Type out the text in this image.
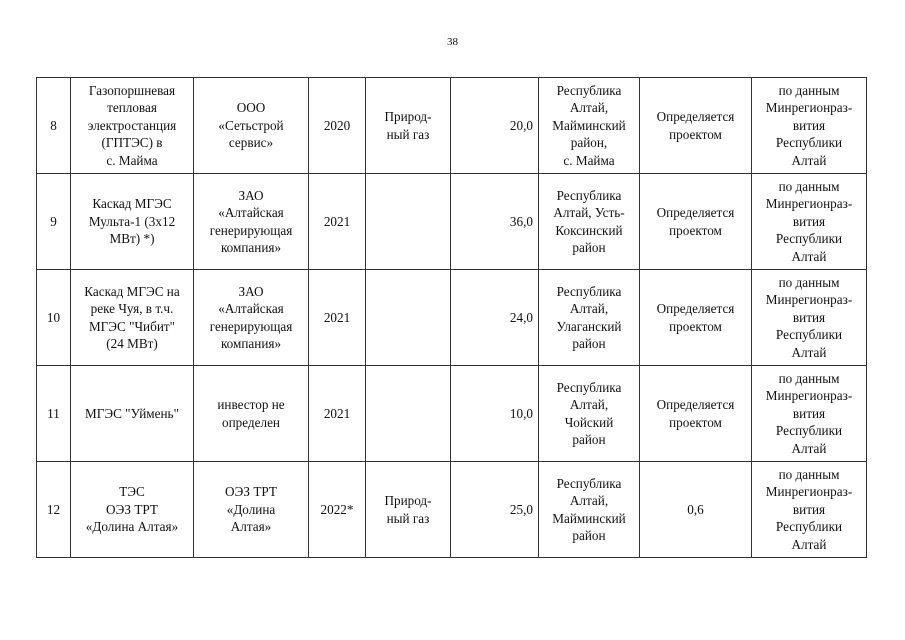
38
8	Газопоршневая
тепловая
электростанция
(ГПТЭС) в
с. Майма	ООО
«Сетьстрой
сервис»	2020	Природ-
ный газ	20,0	Республика
Алтай,
Майминский
район,
с. Майма	Определяется
проектом	по данным
Минрегионраз-
вития
Республики
Алтай
9	Каскад МГЭС
Мульта-1 (3х12
МВт) *)	ЗАО
«Алтайская
генерирующая
компания»	2021		36,0	Республика
Алтай, Усть-
Коксинский
район	Определяется
проектом	по данным
Минрегионраз-
вития
Республики
Алтай
10	Каскад МГЭС на
реке Чуя, в т.ч.
МГЭС "Чибит"
(24 МВт)	ЗАО
«Алтайская
генерирующая
компания»	2021		24,0	Республика
Алтай,
Улаганский
район	Определяется
проектом	по данным
Минрегионраз-
вития
Республики
Алтай
11	МГЭС "Уймень"	инвестор не
определен	2021		10,0	Республика
Алтай,
Чойский
район	Определяется
проектом	по данным
Минрегионраз-
вития
Республики
Алтай
12	ТЭС
ОЭЗ ТРТ
«Долина Алтая»	ОЭЗ ТРТ
«Долина
Алтая»	2022*	Природ-
ный газ	25,0	Республика
Алтай,
Майминский
район	0,6	по данным
Минрегионраз-
вития
Республики
Алтай
